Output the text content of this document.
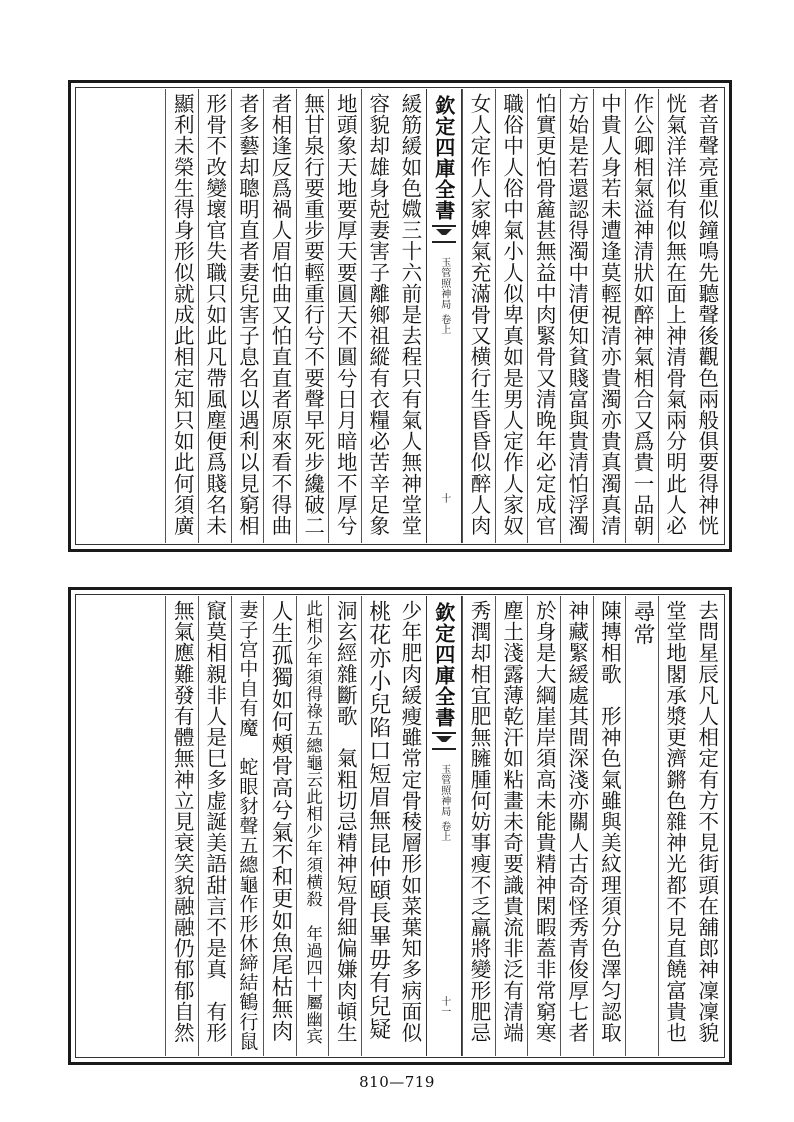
者音聲亮重似鐘鳴先聽聲後觀色兩般俱要得神恍
恍氣洋洋似有似無在面上神清骨氣兩分明此人必
作公卿相氣溢神清狀如醉神氣相合又爲貴一品朝
中貴人身若未遭逢莫輕視清亦貴濁亦貴真濁真清
方始是若還認得濁中清便知貧賤富與貴清怕浮濁
怕實更怕骨麄甚無益中肉緊骨又清晚年必定成官
職俗中人俗中氣小人似卑真如是男人定作人家奴
女人定作人家婢氣充滿骨又横行生昏昏似醉人肉
欽定四庫全書
玉管照神局
卷上
十
緩筋緩如色媺三十六前是去程只有氣人無神堂堂
容貌却雄身尅妻害子離鄉祖縱有衣糧必苦辛足象
地頭象天地要厚天要圓天不圓兮日月暗地不厚兮
無甘泉行要重步要輕重行兮不要聲早死步纔破二
者相逢反爲禍人眉怕曲又怕直直者原來看不得曲
者多藝却聰明直者妻兒害子息名以遇利以見窮相
形骨不改變壞官失職只如此凡帶風塵便爲賤名未
顯利未榮生得身形似就成此相定知只如此何須廣
去問星辰凡人相定有方不見街頭在舖郎神凜凜貌
堂堂地閣承漿更濟鏘色雜神光都不見直饒富貴也
尋常
陳摶相歌　形神色氣雖與美紋理須分色澤匀認取
神藏緊緩處其間深淺亦關人古奇怪秀青俊厚七者
於身是大綱崖岸須高未能貴精神閑暇蓋非常窮寒
塵土淺露薄乾汗如粘畫未奇要識貴流非泛有清端
秀潤却相宜肥無臃腫何妨事瘦不乏羸將變形肥忌
欽定四庫全書
玉管照神局
卷上
十一
少年肥肉緩瘦雖常定骨稜層形如菜葉知多病面似
桃花亦小兒陷口短眉無昆仲頤長畢毋有兒疑
洞玄經雜斷歌　氣粗切忌精神短骨細偏嫌肉頓生
此相少年須得祿五總龜云此相少年須横殺　年過四十屬幽宾
人生孤獨如何頰骨高兮氣不和更如魚尾枯無肉
妻子宫中自有魔　蛇眼豺聲五總龜作形休締結鶴行鼠
竄莫相親非人是巳多虚誕美語甜言不是真　有形
無氣應難發有體無神立見衰笑貌融融仍郁郁自然
810—719
